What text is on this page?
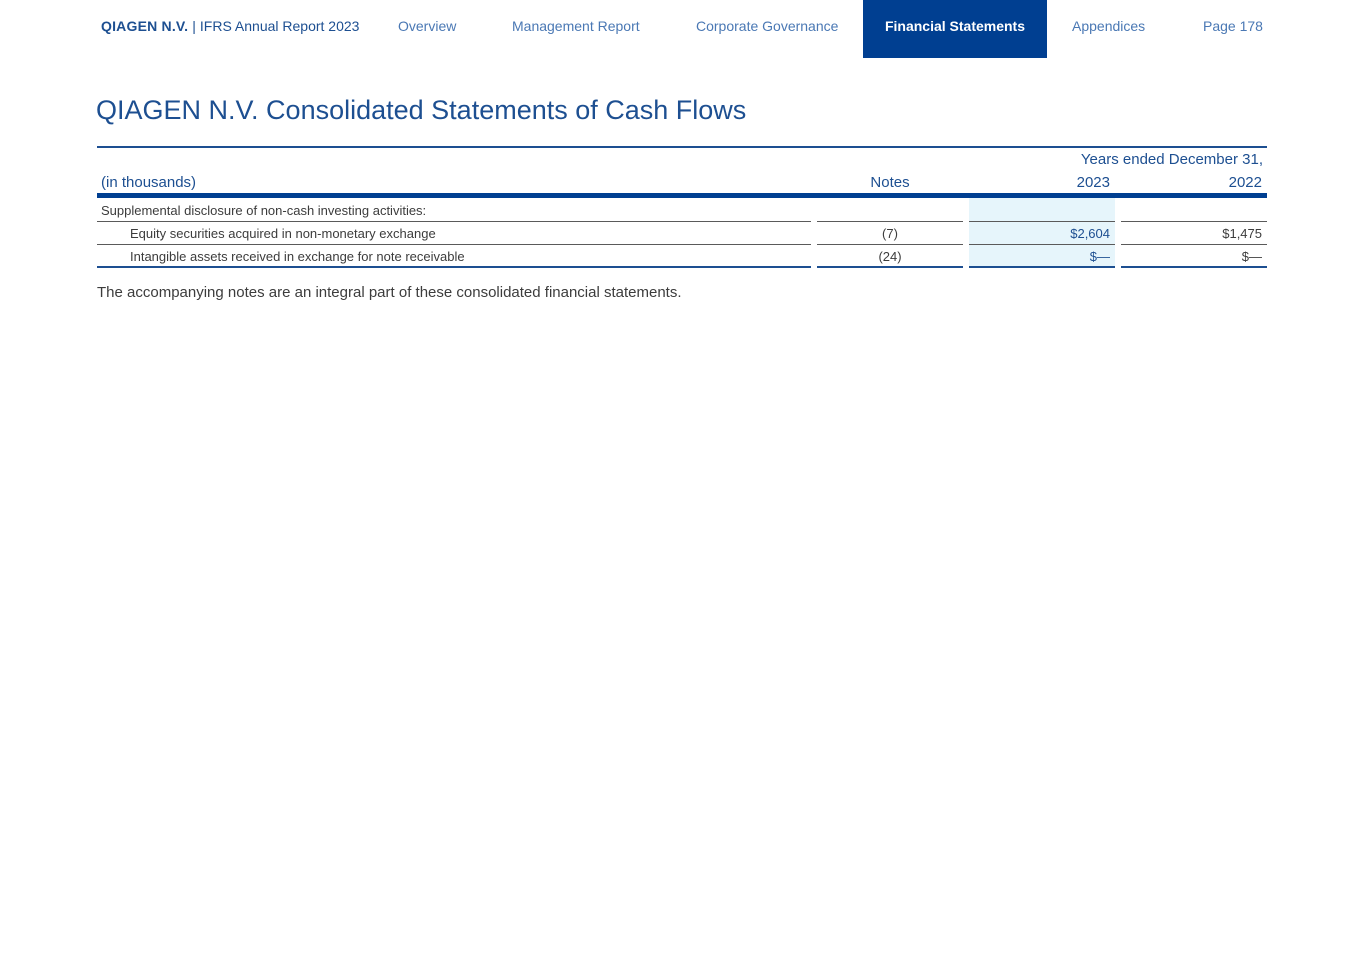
QIAGEN N.V. | IFRS Annual Report 2023	Overview	Management Report	Corporate Governance	Financial Statements	Appendices	Page 178
QIAGEN N.V. Consolidated Statements of Cash Flows
Years ended December 31,
(in thousands)	Notes	2023	2022
Supplemental disclosure of non-cash investing activities:
Equity securities acquired in non-monetary exchange	(7)	$2,604	$1,475
Intangible assets received in exchange for note receivable	(24)	$—	$—

The accompanying notes are an integral part of these consolidated financial statements.
